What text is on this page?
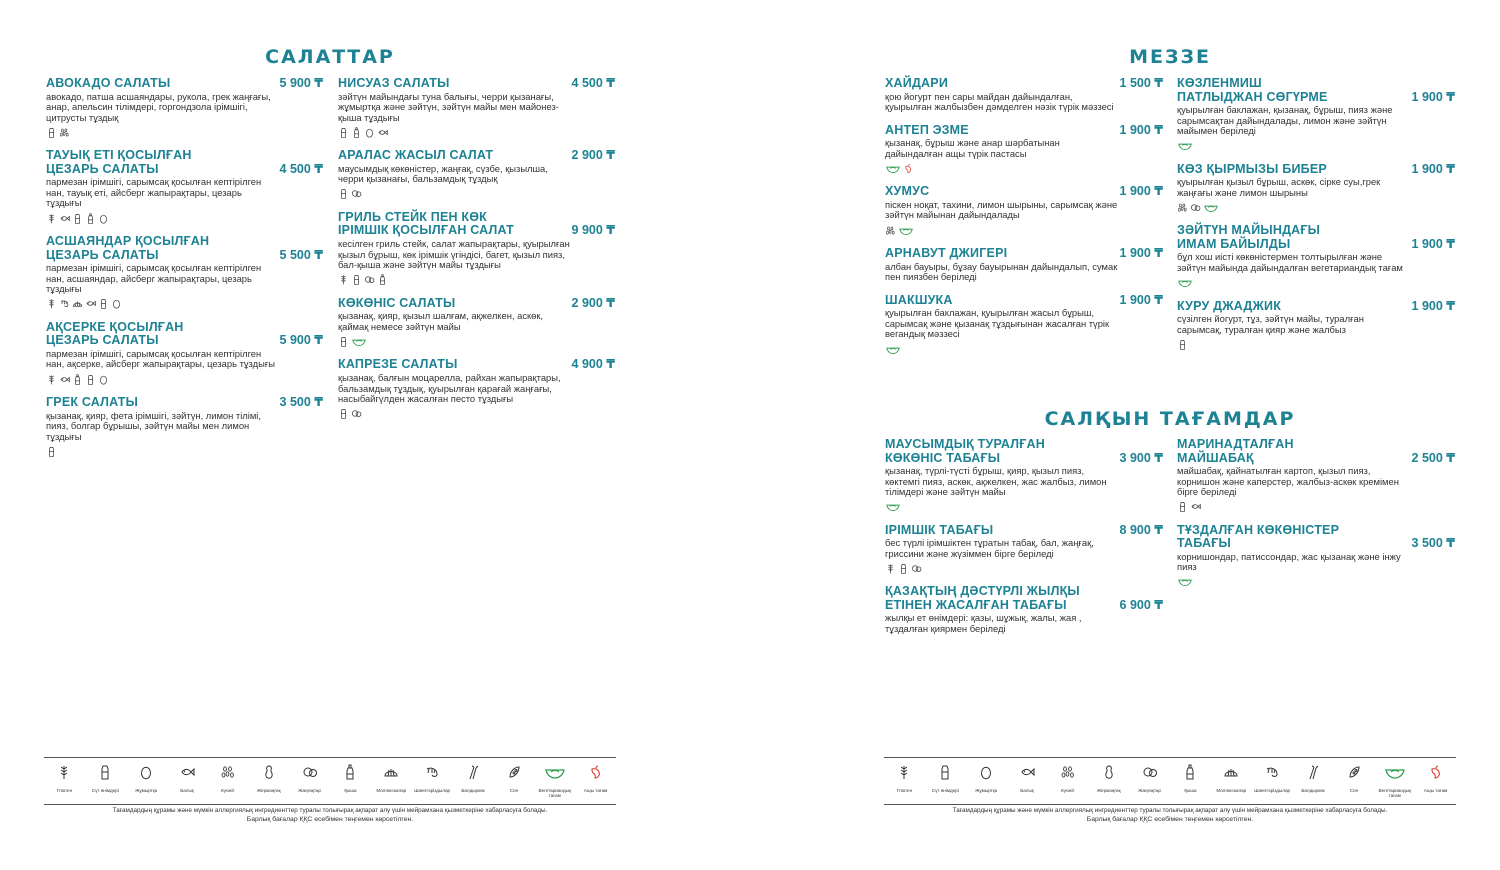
САЛАТТАР
5 900 ₸
АВОКАДО САЛАТЫ
авокадо, патша асшаяндары, рукола, грек жаңғағы, анар, апельсин тілімдері, горгондзола ірімшігі, цитрусты тұздық
4 500 ₸
ТАУЫҚ ЕТІ ҚОСЫЛҒАН
ЦЕЗАРЬ САЛАТЫ
пармезан ірімшігі, сарымсақ қосылған кептірілген нан, тауық еті, айсберг жапырақтары, цезарь тұздығы
5 500 ₸
АСШАЯНДАР ҚОСЫЛҒАН
ЦЕЗАРЬ САЛАТЫ
пармезан ірімшігі, сарымсақ қосылған кептірілген нан, асшаяндар, айсберг жапырақтары, цезарь тұздығы
5 900 ₸
АҚСЕРКЕ ҚОСЫЛҒАН
ЦЕЗАРЬ САЛАТЫ
пармезан ірімшігі, сарымсақ қосылған кептірілген нан, ақсерке, айсберг жапырақтары, цезарь тұздығы
3 500 ₸
ГРЕК САЛАТЫ
қызанақ, қияр, фета ірімшігі, зәйтүн, лимон тілімі, пияз, болгар бұрышы, зәйтүн майы мен лимон тұздығы
4 500 ₸
НИСУАЗ САЛАТЫ
зәйтүн майындағы туна балығы, черри қызанағы, жұмыртқа және зәйтүн, зәйтүн майы мен майонез-қыша тұздығы
2 900 ₸
АРАЛАС ЖАСЫЛ САЛАТ
маусымдық көкөністер, жаңғақ, сүзбе, қызылша, черри қызанағы, бальзамдық тұздық
9 900 ₸
ГРИЛЬ СТЕЙК ПЕН КӨК
ІРІМШІК ҚОСЫЛҒАН САЛАТ
кесілген гриль стейк, салат жапырақтары, қуырылған қызыл бұрыш, көк ірімшік үгіндісі, багет, қызыл пияз, бал-қыша және зәйтүн майы тұздығы
2 900 ₸
КӨКӨНІС САЛАТЫ
қызанақ, қияр, қызыл шалғам, ақжелкен, аскөк, қаймақ немесе зәйтүн майы
4 900 ₸
КАПРЕЗЕ САЛАТЫ
қызанақ, балғын моцарелла, райхан жапырақтары, бальзамдық тұздық, қуырылған қарағай жаңғағы, насыбайгүлден жасалған песто тұздығы
Глютен	Сүт өнімдері	Жұмыртқа	Балық	Күнжіт	Жержаңғақ	Жаңғақтар	Қыша	Моллюскалар Шаянтәріздылар Балдыркөк	Соя	Вегетариандық тағам
Ащы тағам
Тағамдардың құрамы және мүмкін аллергиялық ингредиенттер туралы толығырақ ақпарат алу үшін мейрамхана қызметкеріне хабарласуға болады.
Барлық бағалар ҚҚС есебімен теңгемен көрсетілген.
МЕЗЗЕ
1 500 ₸
ХАЙДАРИ
қою йогурт пен сары майдан дайындалған, қуырылған жалбызбен дәмделген нәзік түрік мәззесі
1 900 ₸
АНТЕП ЭЗМЕ
қызанақ, бұрыш және анар шәрбатынан дайындалған ащы түрік пастасы
1 900 ₸
ХУМУС
піскен ноқат, тахини, лимон шырыны, сарымсақ және зәйтүн майынан дайындалады
1 900 ₸
АРНАВУТ ДЖИГЕРІ
албан бауыры, бұзау бауырынан дайындалып, сумак пен пиязбен беріледі
1 900 ₸
ШАКШУКА
қуырылған баклажан, қуырылған жасыл бұрыш, сарымсақ және қызанақ тұздығынан жасалған түрік вегандық мәззесі
1 900 ₸
КӨЗЛЕНМИШ
ПАТЛЫДЖАН СӨГҮРМЕ
қуырылған баклажан, қызанақ, бұрыш, пияз және сарымсақтан дайындалады, лимон және зәйтүн майымен беріледі
1 900 ₸
КӨЗ ҚЫРМЫЗЫ БИБЕР
қуырылған қызыл бұрыш, аскөк, сірке суы,грек жаңғағы және лимон шырыны
1 900 ₸
ЗӘЙТҮН МАЙЫНДАҒЫ
ИМАМ БАЙЫЛДЫ
бұл хош иісті көкөністермен толтырылған және зәйтүн майында дайындалған вегетариандық тағам
1 900 ₸
КУРУ ДЖАДЖИК
сүзілген йогурт, тұз, зәйтүн майы, туралған сарымсақ, туралған қияр және жалбыз
САЛҚЫН ТАҒАМДАР
3 900 ₸
МАУСЫМДЫҚ ТУРАЛҒАН
КӨКӨНІС ТАБАҒЫ
қызанақ, түрлі-түсті бұрыш, қияр, қызыл пияз, көктемгі пияз, аскөк, ақжелкен, жас жалбыз, лимон тілімдері және зәйтүн майы
8 900 ₸
ІРІМШІК ТАБАҒЫ
бес түрлі ірімшіктен тұратын табақ, бал, жаңғақ, гриссини және жүзіммен бірге беріледі
6 900 ₸
ҚАЗАҚТЫҢ ДӘСТҮРЛІ ЖЫЛҚЫ
ЕТІНЕН ЖАСАЛҒАН ТАБАҒЫ
жылқы ет өнімдері: қазы, шұжық, жалы, жая , тұздалған қиярмен беріледі
2 500 ₸
МАРИНАДТАЛҒАН
МАЙШАБАҚ
майшабақ, қайнатылған картоп, қызыл пияз, корнишон және каперстер, жалбыз-аскөк кремімен бірге беріледі
3 500 ₸
ТҰЗДАЛҒАН КӨКӨНІСТЕР
ТАБАҒЫ
корнишондар, патиссондар, жас қызанақ және інжу пияз
Глютен	Сүт өнімдері	Жұмыртқа	Балық	Күнжіт	Жержаңғақ	Жаңғақтар	Қыша	Моллюскалар Шаянтәріздылар Балдыркөк	Соя	Вегетариандық тағам
Ащы тағам
Тағамдардың құрамы және мүмкін аллергиялық ингредиенттер туралы толығырақ ақпарат алу үшін мейрамхана қызметкеріне хабарласуға болады.
Барлық бағалар ҚҚС есебімен теңгемен көрсетілген.
